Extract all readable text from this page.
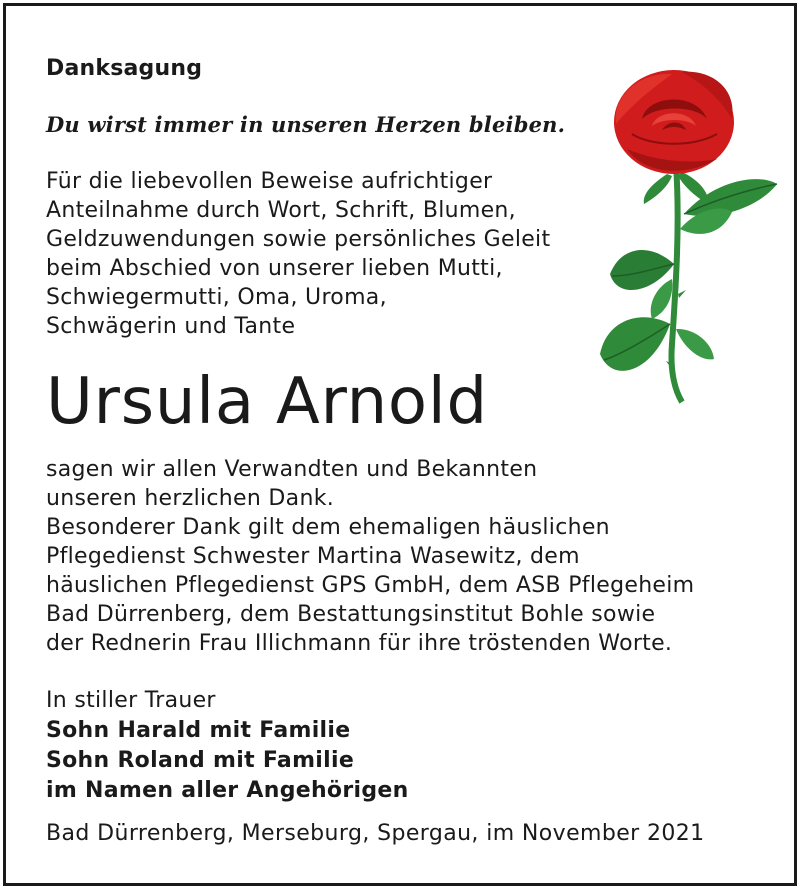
Danksagung
Du wirst immer in unseren Herzen bleiben.
Für die liebevollen Beweise aufrichtiger
Anteilnahme durch Wort, Schrift, Blumen,
Geldzuwendungen sowie persönliches Geleit
beim Abschied von unserer lieben Mutti,
Schwiegermutti, Oma, Uroma,
Schwägerin und Tante
Ursula Arnold
sagen wir allen Verwandten und Bekannten
unseren herzlichen Dank.
Besonderer Dank gilt dem ehemaligen häuslichen
Pflegedienst Schwester Martina Wasewitz, dem
häuslichen Pflegedienst GPS GmbH, dem ASB Pflegeheim
Bad Dürrenberg, dem Bestattungsinstitut Bohle sowie
der Rednerin Frau Illichmann für ihre tröstenden Worte.
In stiller Trauer
Sohn Harald mit Familie
Sohn Roland mit Familie
im Namen aller Angehörigen
Bad Dürrenberg, Merseburg, Spergau, im November 2021
